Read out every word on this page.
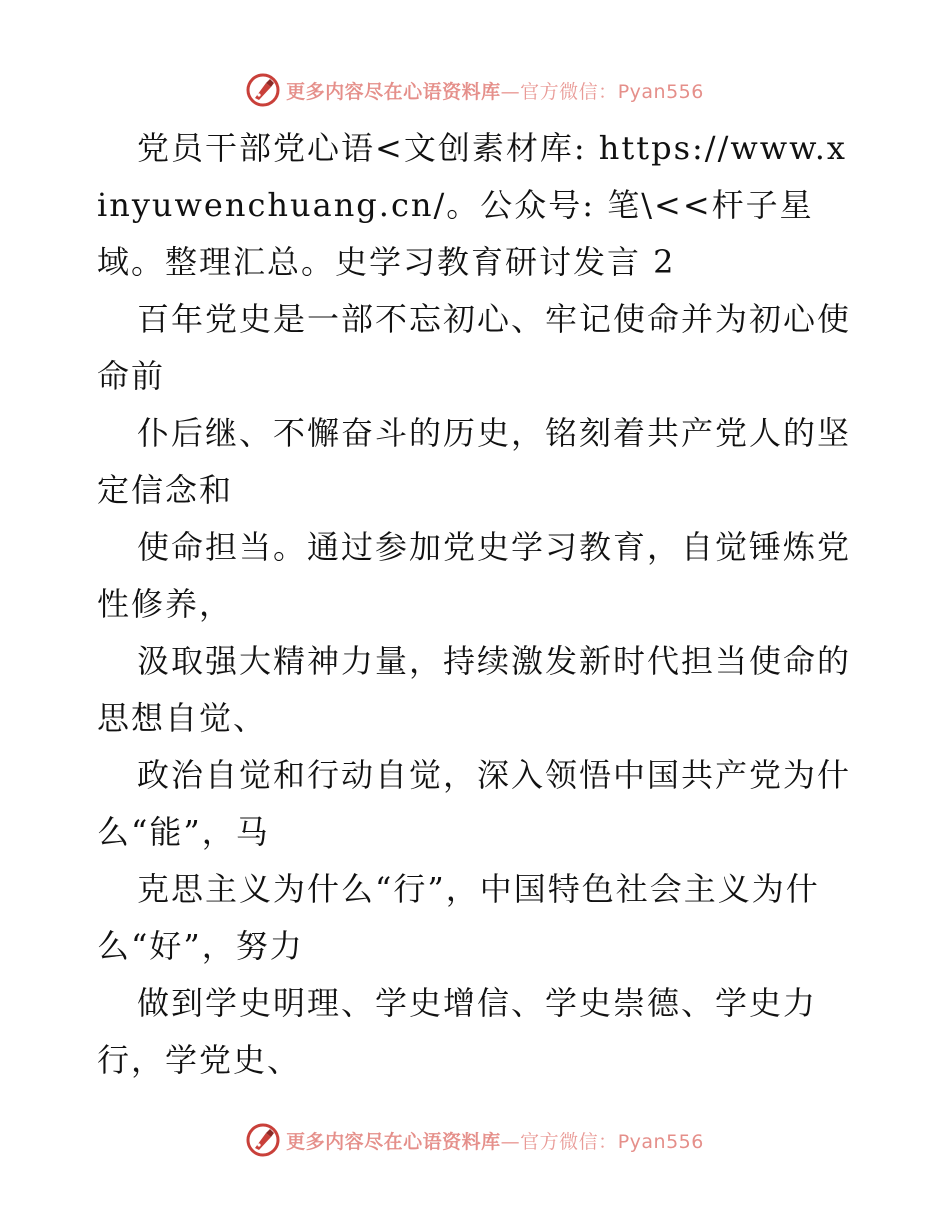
更多内容尽在心语资料库—官方微信：Pyan556

党员干部党心语<文创素材库: https://www.xinyuwenchuang.cn/。公众号: 笔\<<杆子星域。整理汇总。史学习教育研讨发言 2

百年党史是一部不忘初心、牢记使命并为初心使命前

仆后继、不懈奋斗的历史，铭刻着共产党人的坚定信念和

使命担当。通过参加党史学习教育，自觉锤炼党性修养，

汲取强大精神力量，持续激发新时代担当使命的思想自觉、

政治自觉和行动自觉，深入领悟中国共产党为什么“能”，马

克思主义为什么“行”，中国特色社会主义为什么“好”，努力

做到学史明理、学史增信、学史崇德、学史力行，学党史、

更多内容尽在心语资料库—官方微信：Pyan556
